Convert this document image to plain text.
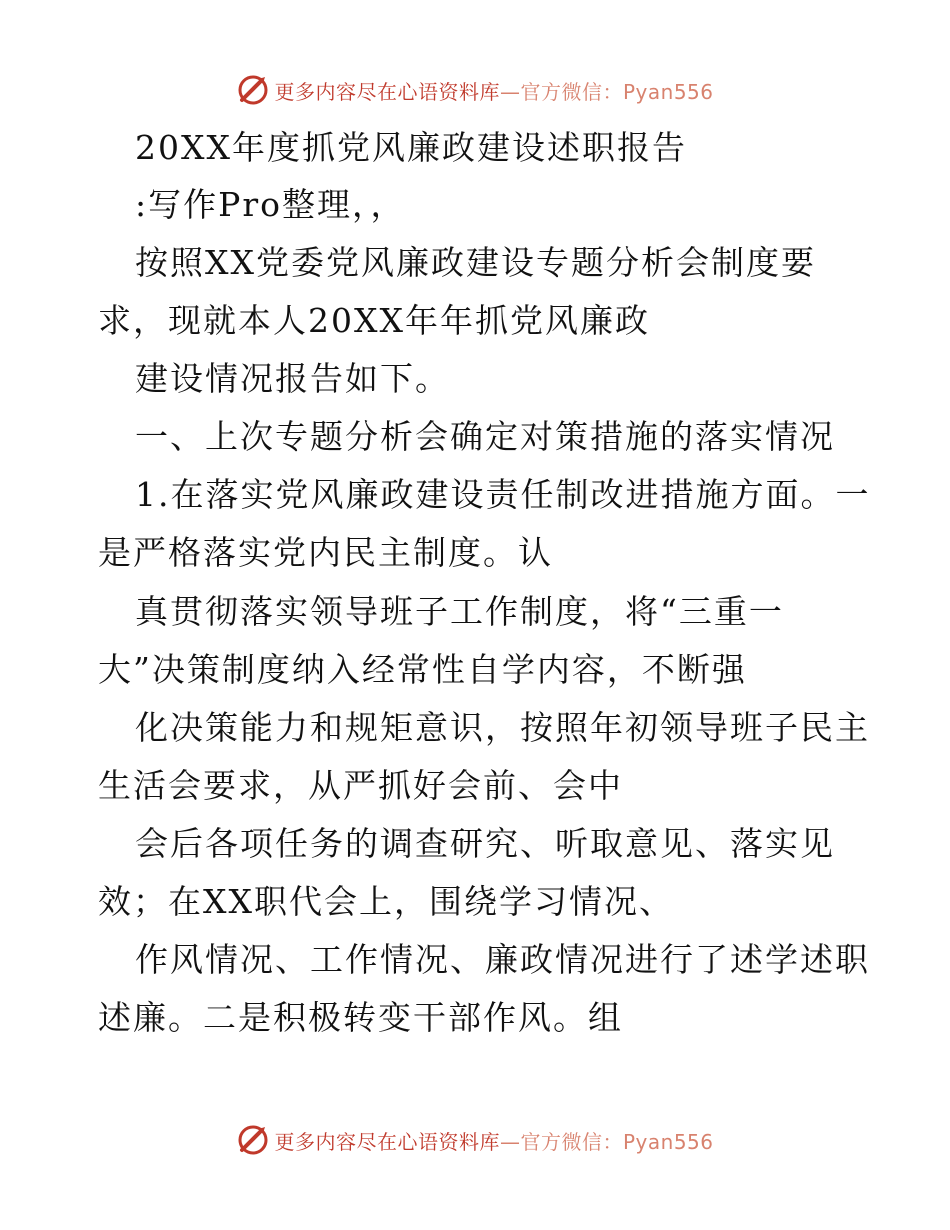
更多内容尽在心语资料库—官方微信：Pyan556
20XX年度抓党风廉政建设述职报告
:写作Pro整理，，
按照XX党委党风廉政建设专题分析会制度要
求，现就本人20XX年年抓党风廉政
建设情况报告如下。
一、上次专题分析会确定对策措施的落实情况
1.在落实党风廉政建设责任制改进措施方面。一
是严格落实党内民主制度。认
真贯彻落实领导班子工作制度，将“三重一
大”决策制度纳入经常性自学内容，不断强
化决策能力和规矩意识，按照年初领导班子民主
生活会要求，从严抓好会前、会中
会后各项任务的调查研究、听取意见、落实见
效；在XX职代会上，围绕学习情况、
作风情况、工作情况、廉政情况进行了述学述职
述廉。二是积极转变干部作风。组
更多内容尽在心语资料库—官方微信：Pyan556
